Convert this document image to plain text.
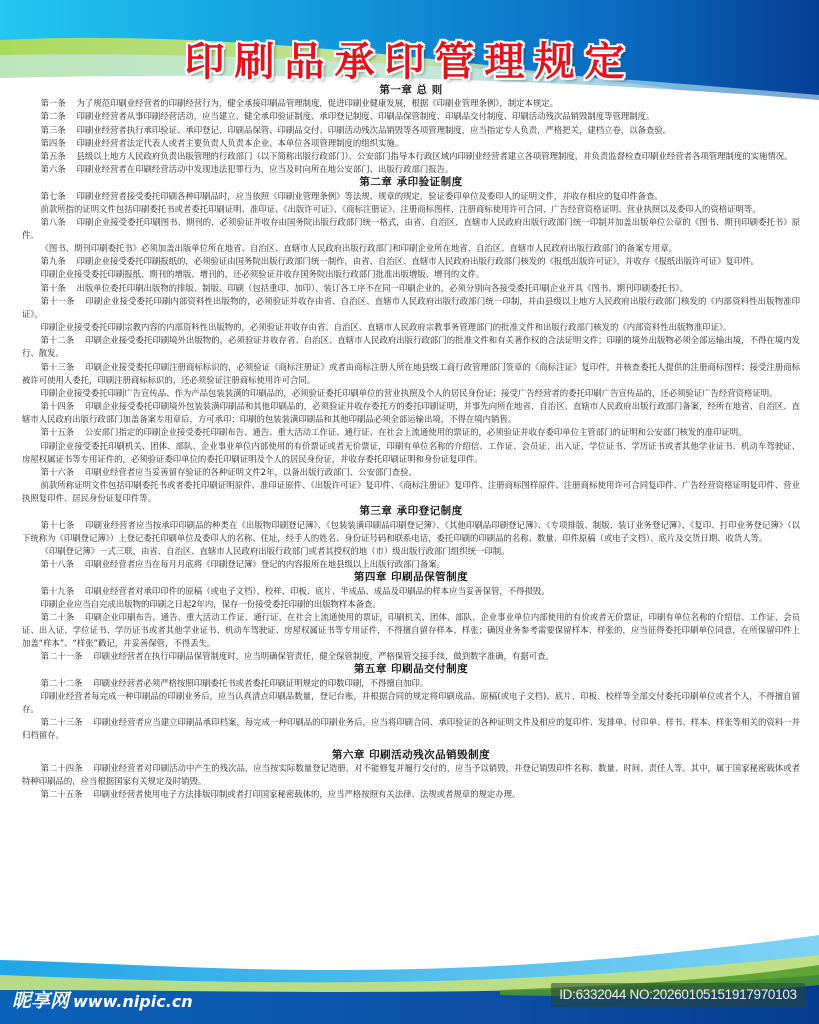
印刷品承印管理规定
第一章 总 则

第一条 为了规范印刷业经营者的印刷经营行为，健全承接印刷品管理制度，促进印刷业健康发展，根据《印刷业管理条例》，制定本规定。

第二条 印刷业经营者从事印刷经营活动，应当建立、健全承印验证制度、承印登记制度、印刷品保管制度、印刷品交付制度、印刷活动残次品销毁制度等管理制度。

第三条 印刷业经营者执行承印验证、承印登记、印刷品保管、印刷品交付、印刷活动残次品销毁等各项管理制度，应当指定专人负责，严格把关，建档立卷，以备查验。

第四条 印刷业经营者法定代表人或者主要负责人负责本企业、本单位各项管理制度的组织实施。

第五条 县级以上地方人民政府负责出版管理的行政部门（以下简称出版行政部门）、公安部门指导本行政区域内印刷业经营者建立各项管理制度，并负责监督检查印刷业经营者各项管理制度的实施情况。

第六条 印刷业经营者在印刷经营活动中发现违法犯罪行为，应当及时向所在地公安部门、出版行政部门报告。

第二章 承印验证制度

第七条 印刷业经营者接受委托印刷各种印刷品时，应当依照《印刷业管理条例》等法规、规章的规定，验证委印单位及委印人的证明文件，并收存相应的复印件备查。

前款所指的证明文件包括印刷委托书或者委托印刷证明、准印证、《出版许可证》、《商标注册证》、注册商标图样、注册商标使用许可合同、广告经营资格证明、营业执照以及委印人的资格证明等。

第八条 印刷企业接受委托印刷图书、期刊的，必须验证并收存由国务院出版行政部门统一格式，由省、自治区、直辖市人民政府出版行政部门统一印制并加盖出版单位公章的《图书、期刊印刷委托书》原件。

《图书、期刊印刷委托书》必须加盖出版单位所在地省、自治区、直辖市人民政府出版行政部门和印刷企业所在地省、自治区、直辖市人民政府出版行政部门的备案专用章。

第九条 印刷企业接受委托印刷报纸的，必须验证由国务院出版行政部门统一制作，由省、自治区、直辖市人民政府出版行政部门核发的《报纸出版许可证》，并收存《报纸出版许可证》复印件。

印刷企业接受委托印刷报纸、期刊的增版、增刊的，还必须验证并收存国务院出版行政部门批准出版增版、增刊的文件。

第十条 出版单位委托印刷出版物的排版、制版、印刷（包括重印、加印）、装订各工序不在同一印刷企业的，必须分别向各接受委托印刷企业开具《图书、期刊印刷委托书》。

第十一条 印刷企业接受委托印刷内部资料性出版物的，必须验证并收存由省、自治区、直辖市人民政府出版行政部门统一印制，并由县级以上地方人民政府出版行政部门核发的《内部资料性出版物准印证》。

印刷企业接受委托印刷宗教内容的内部资料性出版物的，必须验证并收存由省、自治区、直辖市人民政府宗教事务管理部门的批准文件和出版行政部门核发的《内部资料性出版物准印证》。

第十二条 印刷企业接受委托印刷境外出版物的，必须验证并收存省、自治区、直辖市人民政府出版行政部门的批准文件和有关著作权的合法证明文件；印刷的境外出版物必须全部运输出境，不得在境内发行、散发。

第十三条 印刷企业接受委托印刷注册商标标识的，必须验证《商标注册证》或者由商标注册人所在地县级工商行政管理部门签章的《商标注证》复印件，并核查委托人提供的注册商标图样；接受注册商标被许可使用人委托，印刷注册商标标识的，还必须验证注册商标使用许可合同。

印刷企业接受委托印刷广告宣传品、作为产品包装装潢的印刷品的，必须验证委托印刷单位的营业执照及个人的居民身份证；接受广告经营者的委托印刷广告宣传品的，还必须验证广告经营资格证明。

第十四条 印刷企业接受委托印刷境外包装装潢印刷品和其他印刷品的，必须验证并收存委托方的委托印刷证明，并事先向所在地省、自治区、直辖市人民政府出版行政部门备案，经所在地省、自治区、直辖市人民政府出版行政部门加盖备案专用章后，方可承印；印刷的包装装潢印刷品和其他印刷品必须全部运输出境，不得在境内销售。

第十五条 公安部门指定的印刷企业接受委托印刷布告、通告、重大活动工作证、通行证、在社会上流通使用的票证的，必须验证并收存委印单位主管部门的证明和公安部门核发的准印证明。

印刷企业接受委托印刷机关、团体、部队、企业事业单位内部使用的有价票证或者无价票证，印刷有单位名称的介绍信、工作证、会员证、出入证、学位证书、学历证书或者其他学业证书、机动车驾驶证、房屋权属证书等专用证件的，必须验证委印单位的委托印刷证明及个人的居民身份证，并收存委托印刷证明和身份证复印件。

第十六条 印刷业经营者应当妥善留存验证的各种证明文件2年，以备出版行政部门、公安部门查验。

前款所称证明文件包括印刷委托书或者委托印刷证明原件、准印证原件、《出版许可证》复印件、《商标注册证》复印件、注册商标图样原件、注册商标使用许可合同复印件、广告经营资格证明复印件、营业执照复印件、居民身份证复印件等。

第三章 承印登记制度

第十七条 印刷业经营者应当按承印印刷品的种类在《出版物印刷登记簿》、《包装装潢印刷品印刷登记簿》、《其他印刷品印刷登记簿》、《专项排版、制版、装订业务登记簿》、《复印、打印业务登记簿》（以下统称为《印刷登记簿》）上登记委托印刷单位及委印人的名称、住址，经手人的姓名、身份证号码和联系电话，委托印刷的印刷品的名称、数量、印件原稿（或电子文档）、底片及交货日期、收货人等。

《印刷登记簿》一式三联，由省、自治区、直辖市人民政府出版行政部门或者其授权的地（市）级出版行政部门组织统一印制。

第十八条 印刷业经营者应当在每月月底将《印刷登记簿》登记的内容报所在地县级以上出版行政部门备案。

第四章 印刷品保管制度

第十九条 印刷业经营者对承印印件的原稿（或电子文档）、校样、印板、底片、半成品、成品及印刷品的样本应当妥善保管，不得损毁。

印刷企业应当自完成出版物的印刷之日起2年内，保存一份接受委托印刷的出版物样本备查。

第二十条 印刷企业印刷布告、通告、重大活动工作证、通行证、在社会上流通使用的票证，印刷机关、团体、部队、企业事业单位内部使用的有价或者无价票证，印刷有单位名称的介绍信、工作证、会员证、出入证、学位证书、学历证书或者其他学业证书、机动车驾驶证、房屋权属证书等专用证件，不得擅自留存样本、样张；确因业务参考需要保留样本、样张的，应当征得委托印刷单位同意，在所保留印件上加盖“样本”、“样张”戳记，并妥善保管，不得丢失。

第二十一条 印刷业经营者在执行印刷品保管制度时，应当明确保管责任，健全保管制度，严格保管交接手续，做到数字准确，有据可查。

第五章 印刷品交付制度

第二十二条 印刷业经营者必须严格按照印刷委托书或者委托印刷证明规定的印数印刷，不得擅自加印。

印刷业经营者每完成一种印刷品的印刷业务后，应当认真清点印刷品数量，登记台账，并根据合同的规定将印刷成品、原稿(或电子文档)、底片、印板、校样等全部交付委托印刷单位或者个人，不得擅自留存。

第二十三条 印刷业经营者应当建立印刷品承印档案，每完成一种印刷品的印刷业务后，应当将印刷合同、承印验证的各种证明文件及相应的复印件、发排单、付印单、样书、样本、样张等相关的资料一并归档留存。

第六章 印刷活动残次品销毁制度

第二十四条 印刷业经营者对印刷活动中产生的残次品，应当按实际数量登记造册，对不能修复并履行交付的，应当予以销毁，并登记销毁印件名称、数量、时间、责任人等。其中，属于国家秘密载体或者特种印刷品的，应当根据国家有关规定及时销毁。

第二十五条 印刷业经营者使用电子方法排版印制或者打印国家秘密载体的，应当严格按照有关法律、法规或者规章的规定办理。

昵享网 www.nipic.cn	ID:6332044 NO:20260105151917970103
